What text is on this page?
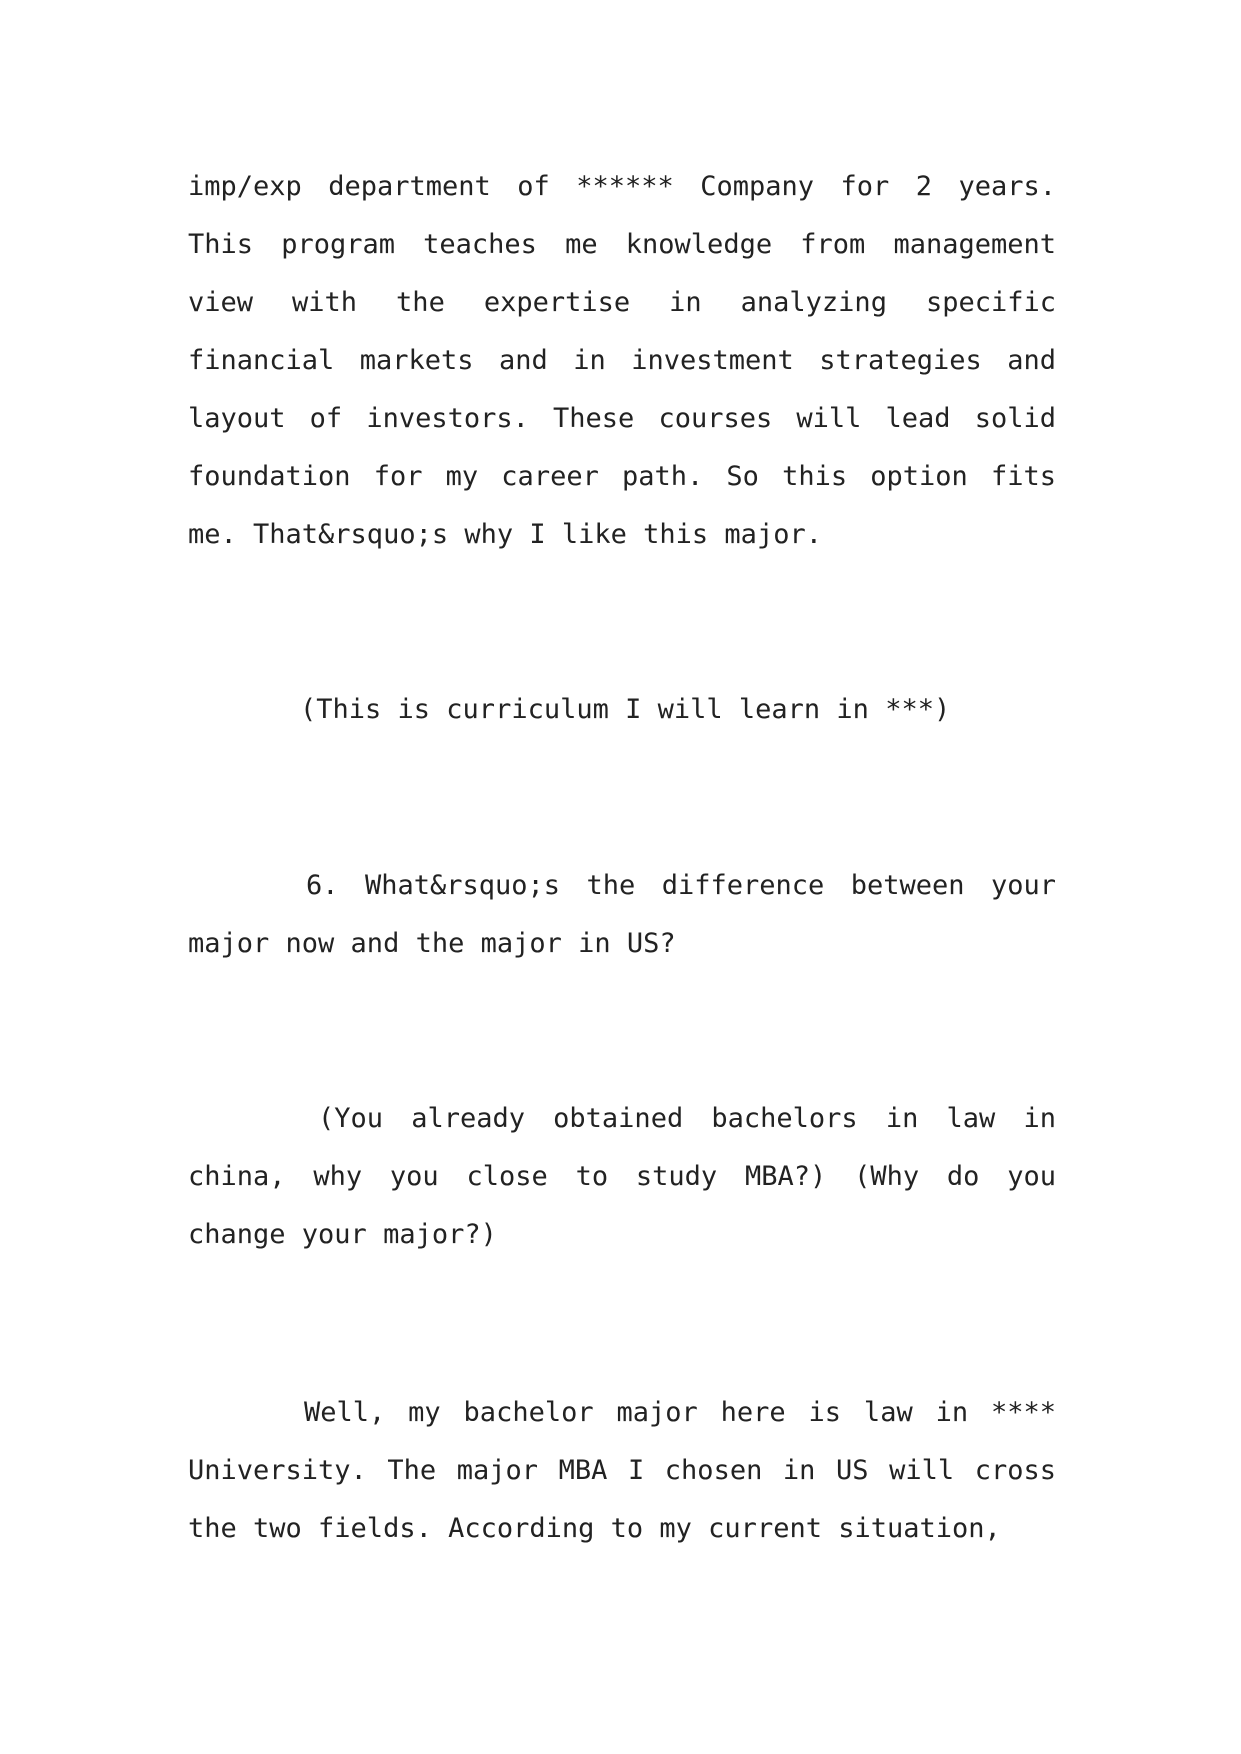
imp/exp department of ****** Company for 2 years. This program teaches me knowledge from management view with the expertise in analyzing specific financial markets and in investment strategies and layout of investors. These courses will lead solid foundation for my career path. So this option fits me. That&rsquo;s why I like this major.

(This is curriculum I will learn in ***)

6. What&rsquo;s the difference between your major now and the major in US?

(You already obtained bachelors in law in china, why you close to study MBA?) (Why do you change your major?)

Well, my bachelor major here is law in **** University. The major MBA I chosen in US will cross the two fields. According to my current situation,
